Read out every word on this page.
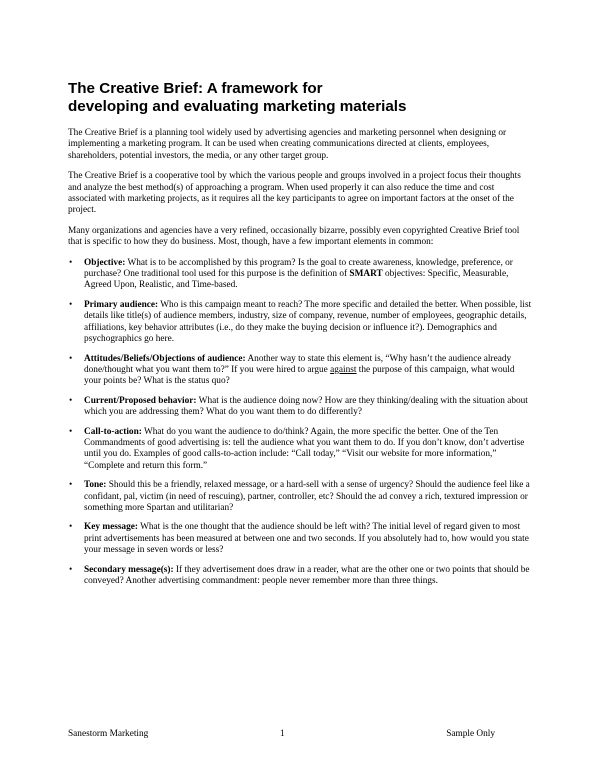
The Creative Brief: A framework for
developing and evaluating marketing materials

The Creative Brief is a planning tool widely used by advertising agencies and marketing personnel when designing or implementing a marketing program. It can be used when creating communications directed at clients, employees, shareholders, potential investors, the media, or any other target group.

The Creative Brief is a cooperative tool by which the various people and groups involved in a project focus their thoughts and analyze the best method(s) of approaching a program. When used properly it can also reduce the time and cost associated with marketing projects, as it requires all the key participants to agree on important factors at the onset of the project.

Many organizations and agencies have a very refined, occasionally bizarre, possibly even copyrighted Creative Brief tool that is specific to how they do business. Most, though, have a few important elements in common:

• Objective: What is to be accomplished by this program? Is the goal to create awareness, knowledge, preference, or purchase? One traditional tool used for this purpose is the definition of SMART objectives: Specific, Measurable, Agreed Upon, Realistic, and Time-based.
• Primary audience: Who is this campaign meant to reach? The more specific and detailed the better. When possible, list details like title(s) of audience members, industry, size of company, revenue, number of employees, geographic details, affiliations, key behavior attributes (i.e., do they make the buying decision or influence it?). Demographics and psychographics go here.
• Attitudes/Beliefs/Objections of audience: Another way to state this element is, “Why hasn’t the audience already done/thought what you want them to?” If you were hired to argue against the purpose of this campaign, what would your points be? What is the status quo?
• Current/Proposed behavior: What is the audience doing now? How are they thinking/dealing with the situation about which you are addressing them? What do you want them to do differently?
• Call-to-action: What do you want the audience to do/think? Again, the more specific the better. One of the Ten Commandments of good advertising is: tell the audience what you want them to do. If you don’t know, don’t advertise until you do. Examples of good calls-to-action include: “Call today,” “Visit our website for more information,” “Complete and return this form.”
• Tone: Should this be a friendly, relaxed message, or a hard-sell with a sense of urgency? Should the audience feel like a confidant, pal, victim (in need of rescuing), partner, controller, etc? Should the ad convey a rich, textured impression or something more Spartan and utilitarian?
• Key message: What is the one thought that the audience should be left with? The initial level of regard given to most print advertisements has been measured at between one and two seconds. If you absolutely had to, how would you state your message in seven words or less?
• Secondary message(s): If they advertisement does draw in a reader, what are the other one or two points that should be conveyed? Another advertising commandment: people never remember more than three things.
Sanestorm Marketing	1	Sample Only
